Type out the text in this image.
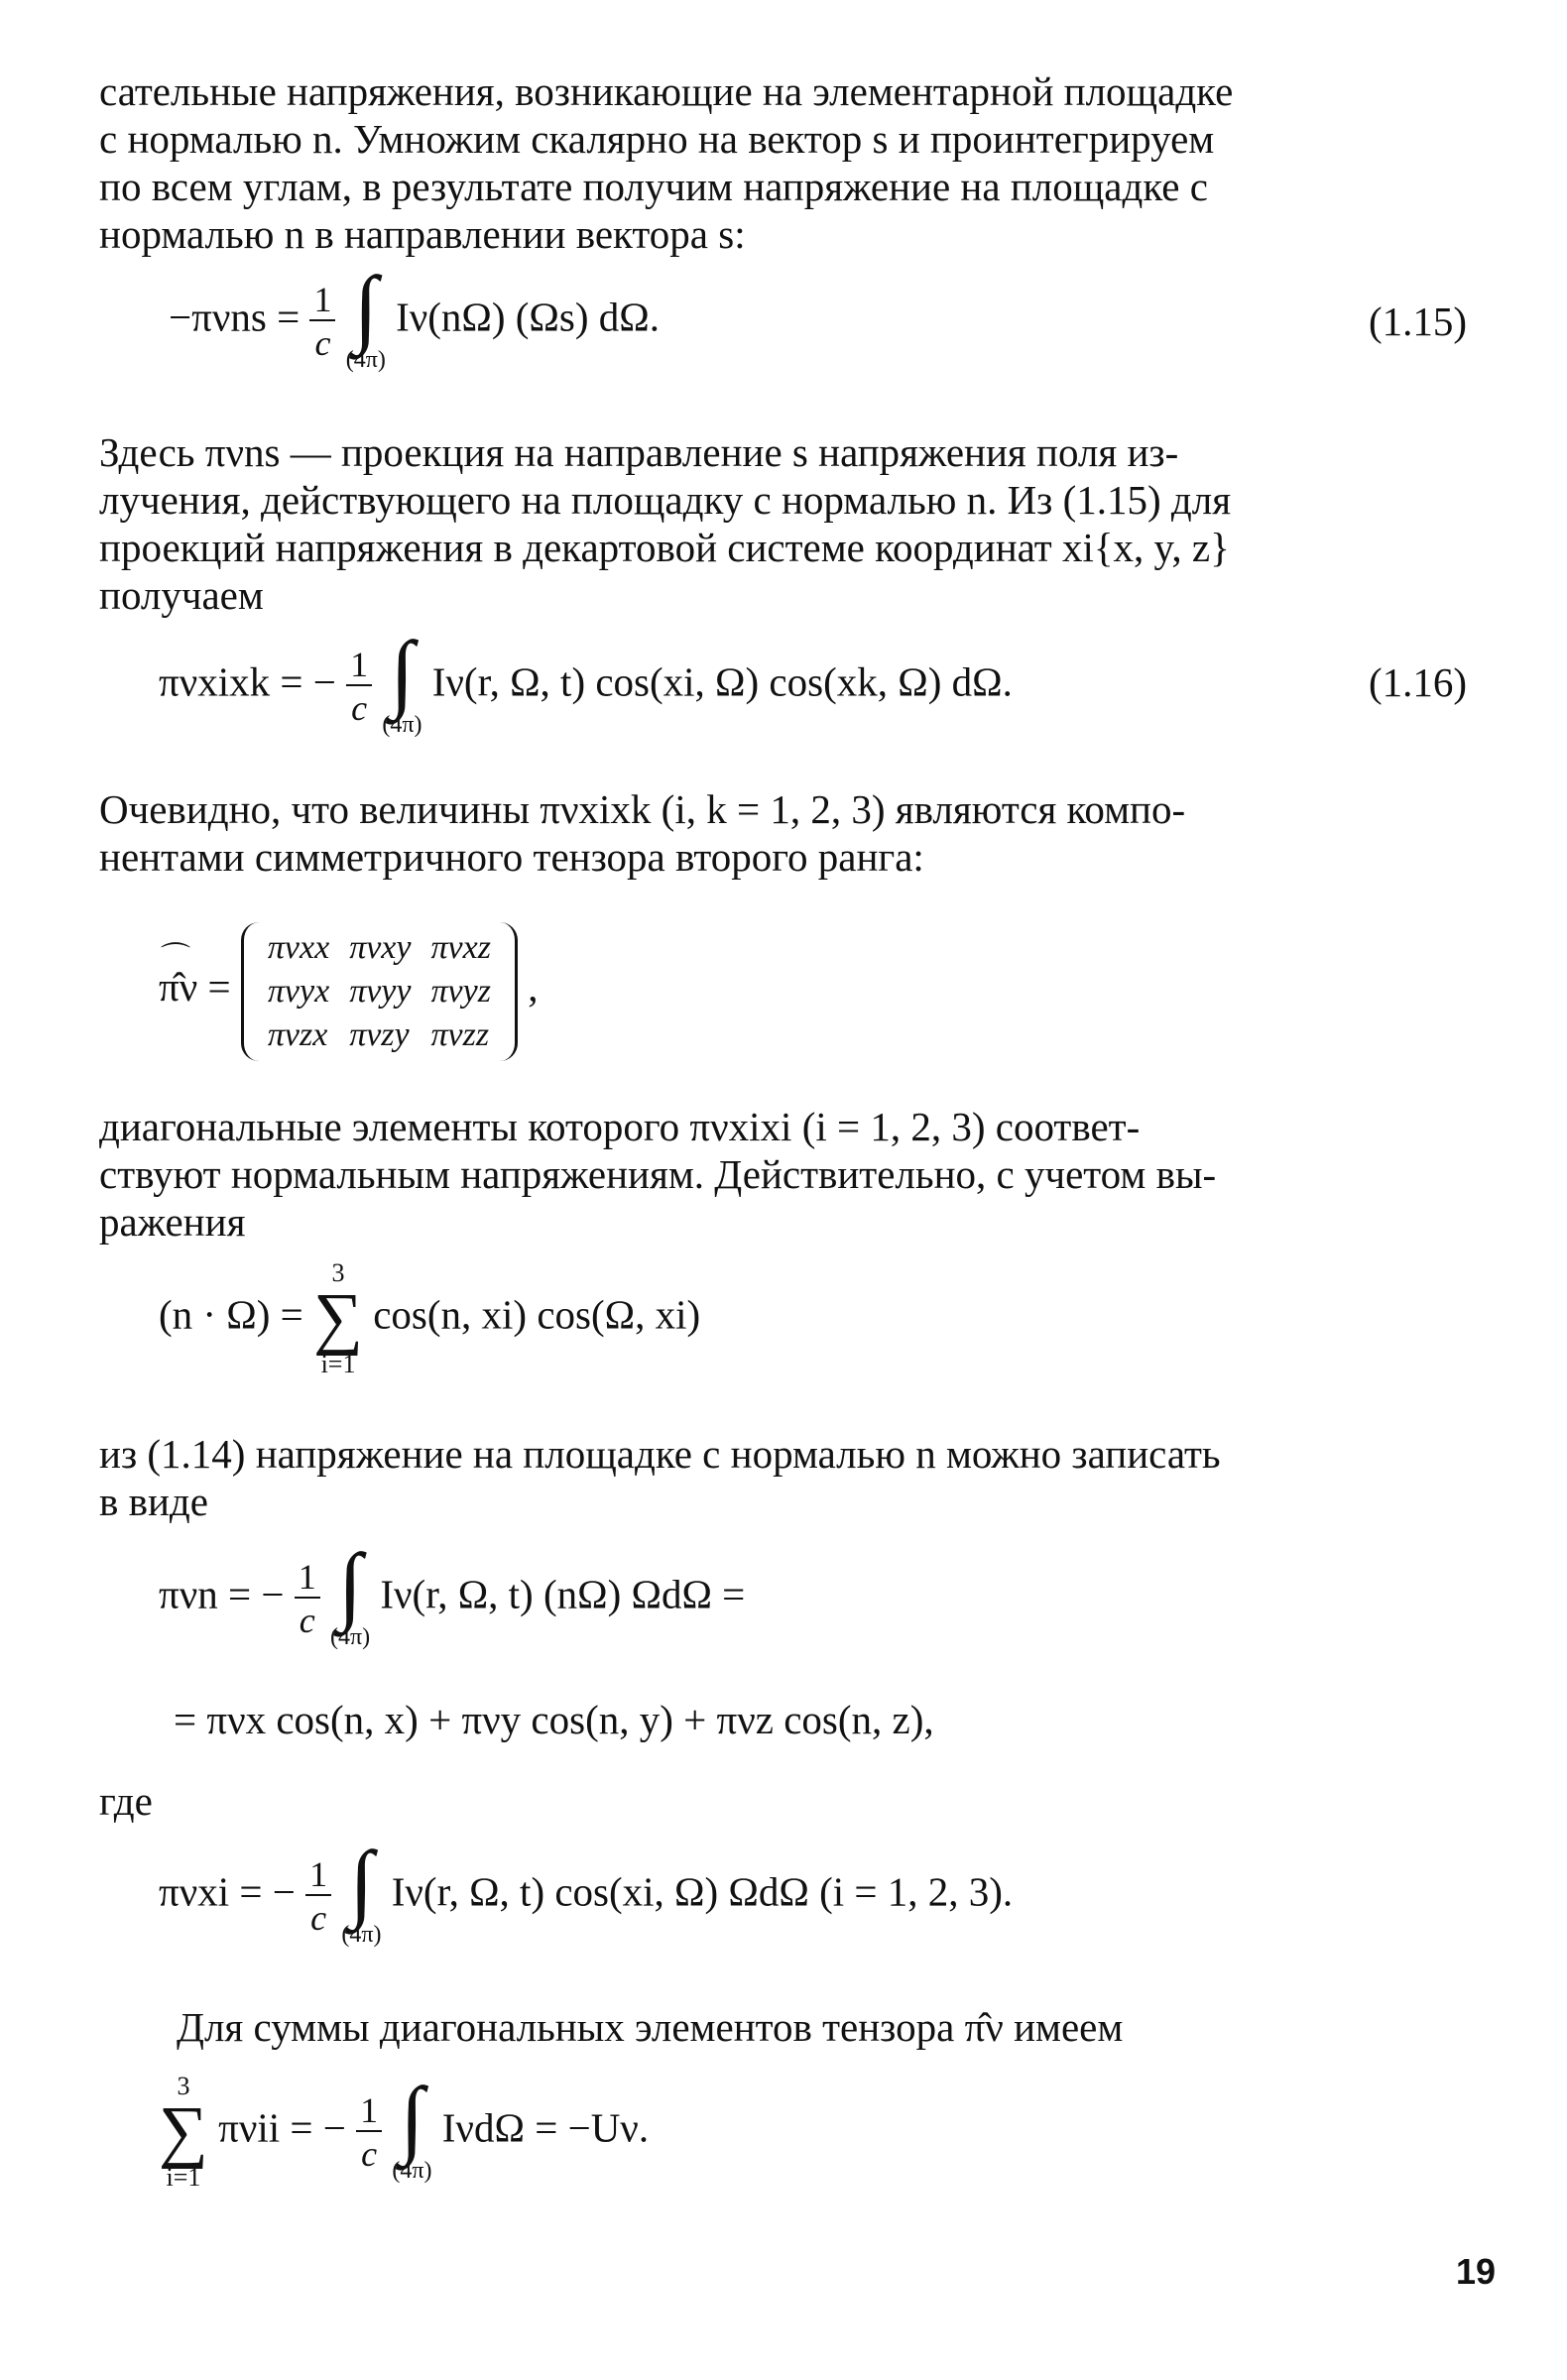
сательные напряжения, возникающие на элементарной площадке
с нормалью n. Умножим скалярно на вектор s и проинтегрируем
по всем углам, в результате получим напряжение на площадке с
нормалью n в направлении вектора s:

$-\pi\nu ns = \frac{1}{c}$
∫
(4π)
Iν(nΩ) (Ωs) dΩ.	(1.15)

Здесь πνns — проекция на направление s напряжения поля из-
лучения, действующего на площадку с нормалью n. Из (1.15) для
проекций напряжения в декартовой системе координат xi{x, y, z}
получаем

πνxixk = − $\frac{1}{c}$
∫
(4π)
Iν(r, Ω, t) cos(xi, Ω) cos(xk, Ω) dΩ.	(1.16)

Очевидно, что величины πνxixk (i, k = 1, 2, 3) являются компо-
нентами симметричного тензора второго ранга:

⌒ π̂ν =
πνxx	πνxy	πνxz
πνyx	πνyy	πνyz
πνzx	πνzy	πνzz
,

диагональные элементы которого πνxixi (i = 1, 2, 3) соответ-
ствуют нормальным напряжениям. Действительно, с учетом вы-
ражения

(n · Ω) =
3
∑
i=1
cos(n, xi) cos(Ω, xi)

из (1.14) напряжение на площадке с нормалью n можно записать
в виде

πνn = − $\frac{1}{c}$
∫
(4π)
Iν(r, Ω, t) (nΩ) ΩdΩ =
= πνx cos(n, x) + πνy cos(n, y) + πνz cos(n, z),

где

πνxi = − $\frac{1}{c}$
∫
(4π)
Iν(r, Ω, t) cos(xi, Ω) ΩdΩ (i = 1, 2, 3).

Для суммы диагональных элементов тензора π̂ν имеем

3
∑
i=1
πνii = − $\frac{1}{c}$
∫
(4π)
IνdΩ = −Uν.
19
